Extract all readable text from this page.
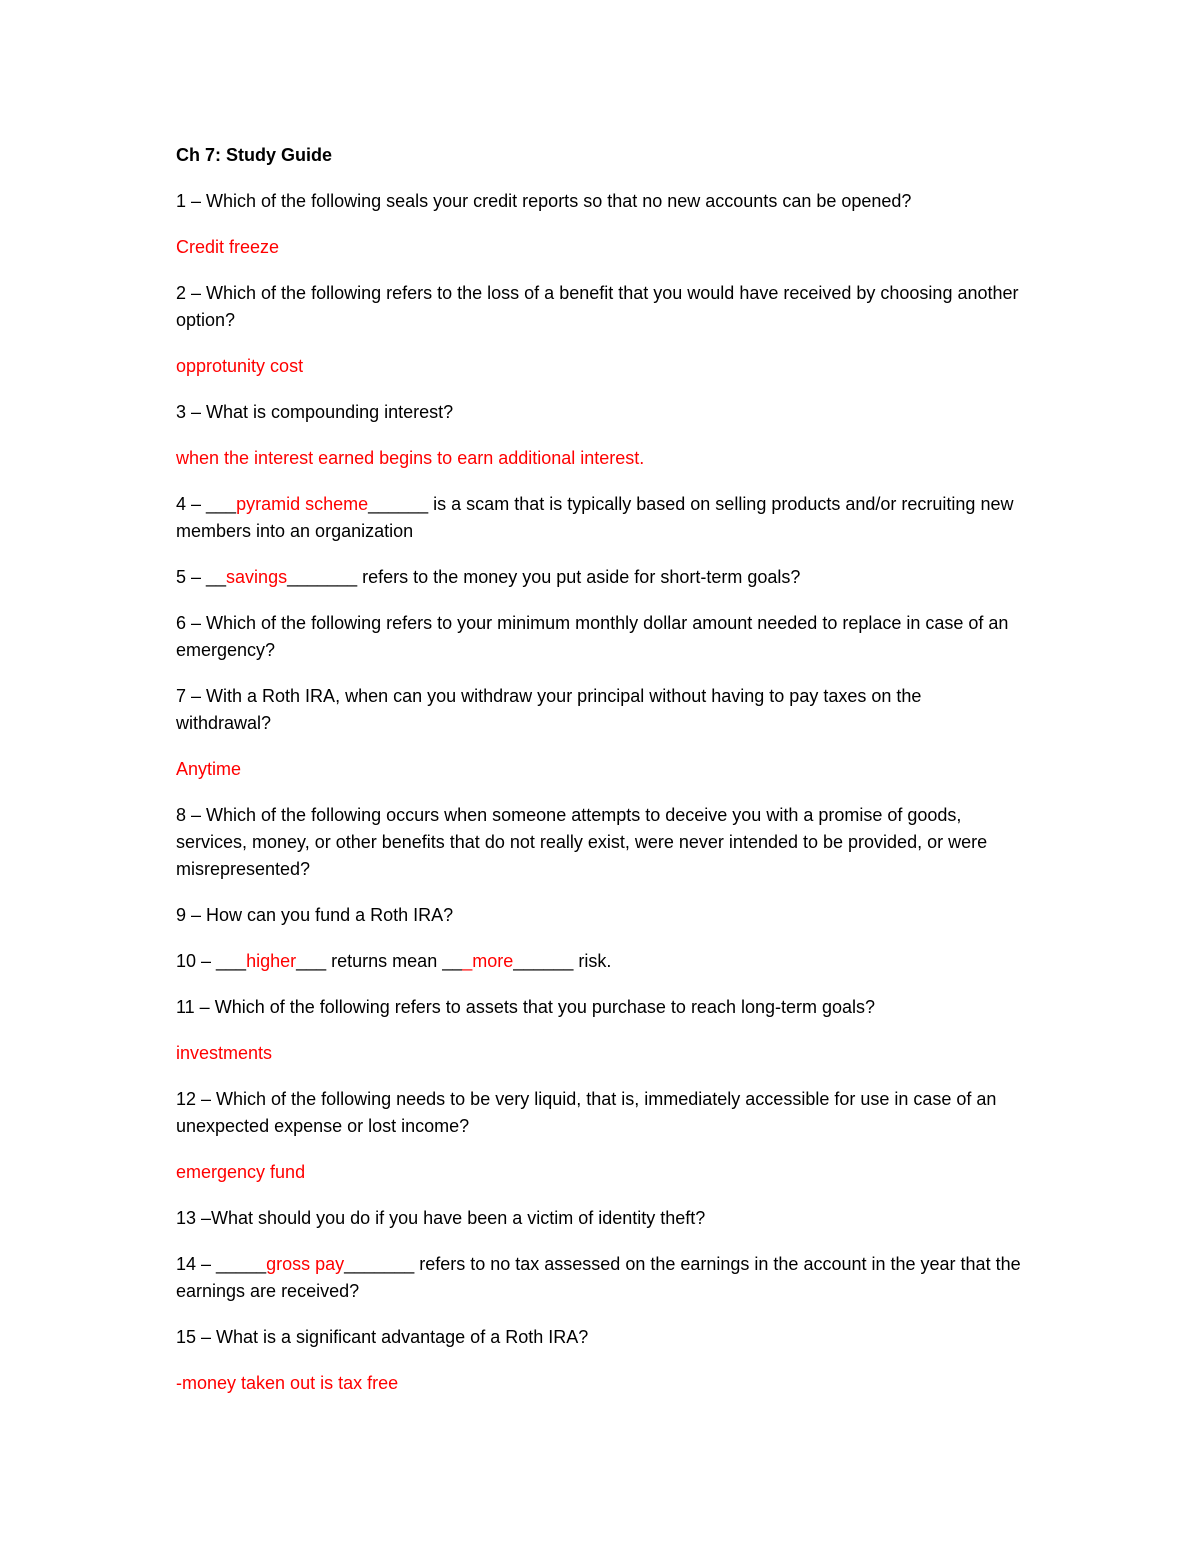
Ch 7: Study Guide
1 – Which of the following seals your credit reports so that no new accounts can be opened?
Credit freeze
2 – Which of the following refers to the loss of a benefit that you would have received by choosing another option?
opprotunity cost
3 – What is compounding interest?
when the interest earned begins to earn additional interest.
4 – ___pyramid scheme______ is a scam that is typically based on selling products and/or recruiting new members into an organization
5 – __savings_______ refers to the money you put aside for short-term goals?
6 – Which of the following refers to your minimum monthly dollar amount needed to replace in case of an emergency?
7 – With a Roth IRA, when can you withdraw your principal without having to pay taxes on the withdrawal?
Anytime
8 – Which of the following occurs when someone attempts to deceive you with a promise of goods, services, money, or other benefits that do not really exist, were never intended to be provided, or were misrepresented?
9 – How can you fund a Roth IRA?
10 – ___higher___ returns mean ___more______ risk.
11 – Which of the following refers to assets that you purchase to reach long-term goals?
investments
12 – Which of the following needs to be very liquid, that is, immediately accessible for use in case of an unexpected expense or lost income?
emergency fund
13 –What should you do if you have been a victim of identity theft?
14 – _____gross pay_______ refers to no tax assessed on the earnings in the account in the year that the earnings are received?
15 – What is a significant advantage of a Roth IRA?
-money taken out is tax free
